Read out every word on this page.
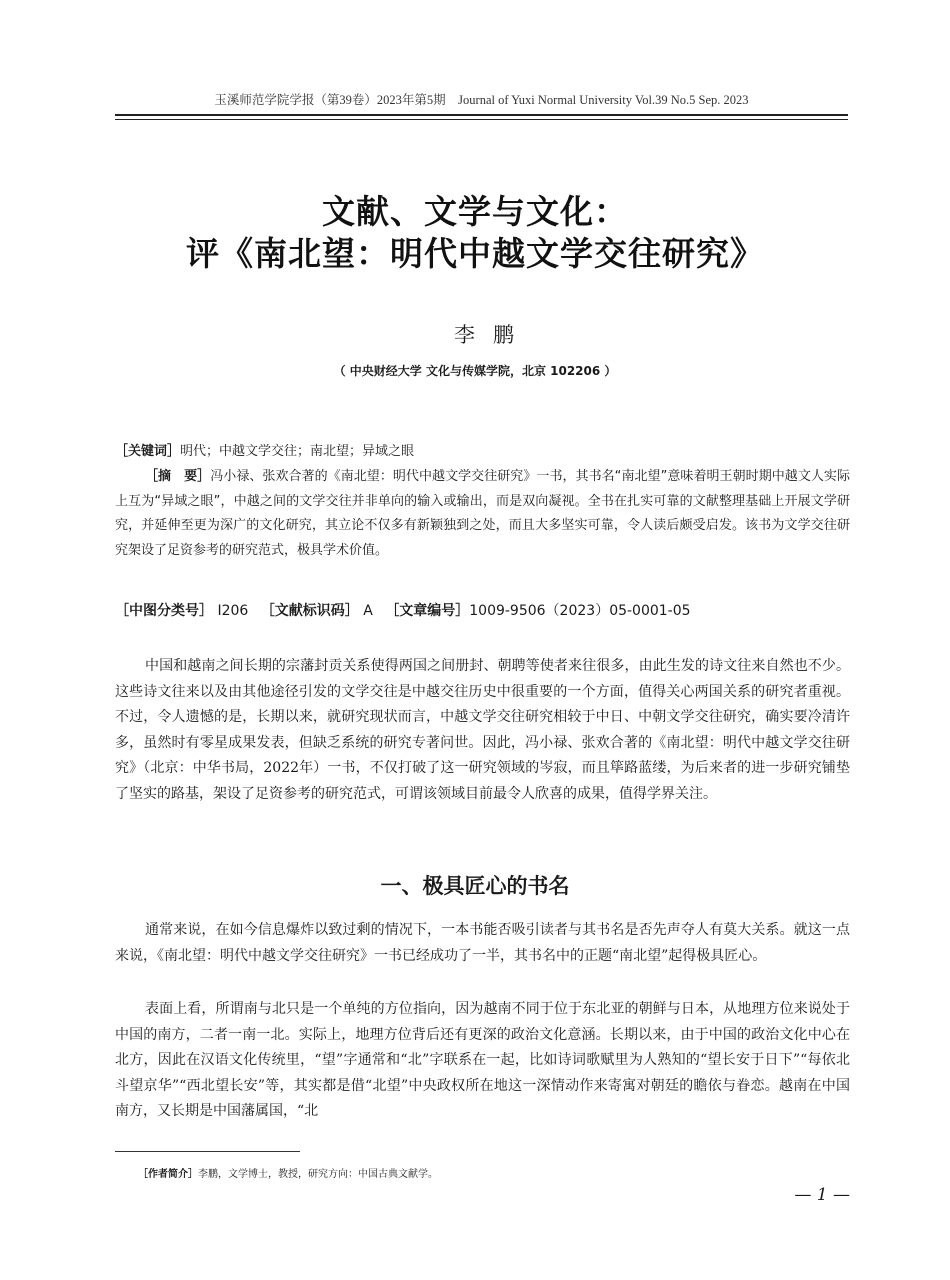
玉溪师范学院学报（第39卷）2023年第5期　Journal of Yuxi Normal University Vol.39 No.5 Sep. 2023
文献、文学与文化：
评《南北望：明代中越文学交往研究》
李鹏
（ 中央财经大学 文化与传媒学院，北京 102206 ）
［关键词］明代；中越文学交往；南北望；异域之眼
［摘　要］冯小禄、张欢合著的《南北望：明代中越文学交往研究》一书，其书名“南北望”意味着明王朝时期中越文人实际上互为“异域之眼”，中越之间的文学交往并非单向的输入或输出，而是双向凝视。全书在扎实可靠的文献整理基础上开展文学研究，并延伸至更为深广的文化研究，其立论不仅多有新颖独到之处，而且大多坚实可靠，令人读后颇受启发。该书为文学交往研究架设了足资参考的研究范式，极具学术价值。
［中图分类号］ I206 ［文献标识码］ A ［文章编号］1009-9506（2023）05-0001-05

中国和越南之间长期的宗藩封贡关系使得两国之间册封、朝聘等使者来往很多，由此生发的诗文往来自然也不少。这些诗文往来以及由其他途径引发的文学交往是中越交往历史中很重要的一个方面，值得关心两国关系的研究者重视。不过，令人遗憾的是，长期以来，就研究现状而言，中越文学交往研究相较于中日、中朝文学交往研究，确实要冷清许多，虽然时有零星成果发表，但缺乏系统的研究专著问世。因此，冯小禄、张欢合著的《南北望：明代中越文学交往研究》（北京：中华书局，2022年）一书，不仅打破了这一研究领域的岑寂，而且筚路蓝缕，为后来者的进一步研究铺垫了坚实的路基，架设了足资参考的研究范式，可谓该领域目前最令人欣喜的成果，值得学界关注。

一、极具匠心的书名

通常来说，在如今信息爆炸以致过剩的情况下，一本书能否吸引读者与其书名是否先声夺人有莫大关系。就这一点来说，《南北望：明代中越文学交往研究》一书已经成功了一半，其书名中的正题“南北望”起得极具匠心。

表面上看，所谓南与北只是一个单纯的方位指向，因为越南不同于位于东北亚的朝鲜与日本，从地理方位来说处于中国的南方，二者一南一北。实际上，地理方位背后还有更深的政治文化意涵。长期以来，由于中国的政治文化中心在北方，因此在汉语文化传统里，“望”字通常和“北”字联系在一起，比如诗词歌赋里为人熟知的“望长安于日下”“每依北斗望京华”“西北望长安”等，其实都是借“北望”中央政权所在地这一深情动作来寄寓对朝廷的瞻依与眷恋。越南在中国南方，又长期是中国藩属国，“北

［作者简介］李鹏，文学博士，教授，研究方向：中国古典文献学。
— 1 —
